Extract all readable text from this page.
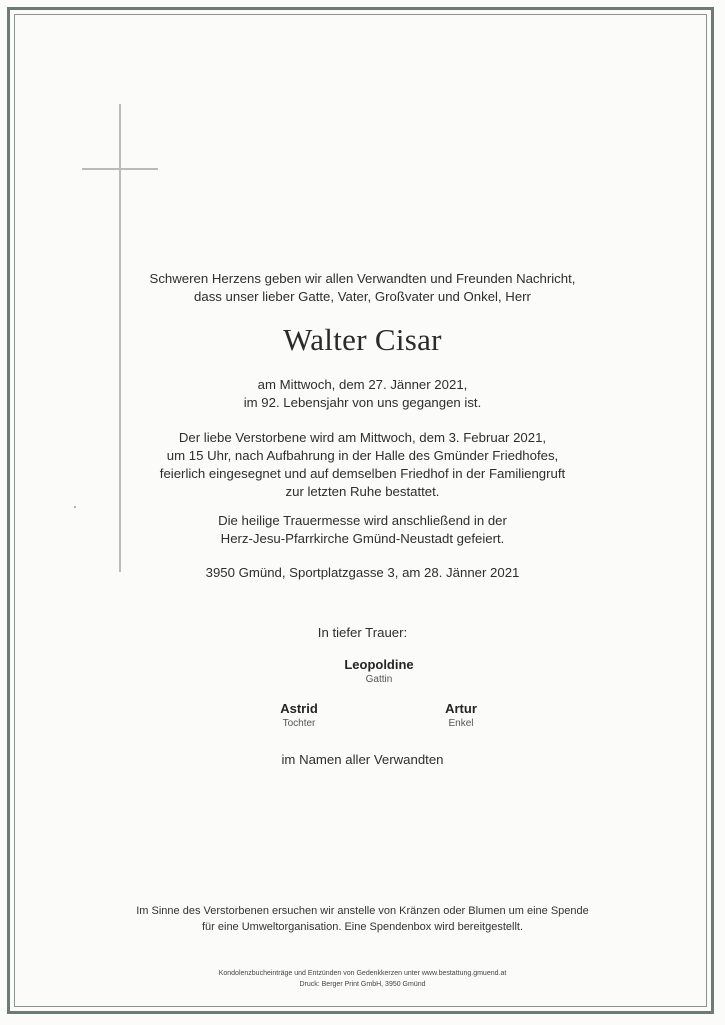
Schweren Herzens geben wir allen Verwandten und Freunden Nachricht,
dass unser lieber Gatte, Vater, Großvater und Onkel, Herr
Walter Cisar
am Mittwoch, dem 27. Jänner 2021,
im 92. Lebensjahr von uns gegangen ist.
Der liebe Verstorbene wird am Mittwoch, dem 3. Februar 2021,
um 15 Uhr, nach Aufbahrung in der Halle des Gmünder Friedhofes,
feierlich eingesegnet und auf demselben Friedhof in der Familiengruft
zur letzten Ruhe bestattet.
Die heilige Trauermesse wird anschließend in der
Herz-Jesu-Pfarrkirche Gmünd-Neustadt gefeiert.
3950 Gmünd, Sportplatzgasse 3, am 28. Jänner 2021
In tiefer Trauer:
Leopoldine
Gattin
Astrid
Tochter
Artur
Enkel
im Namen aller Verwandten
Im Sinne des Verstorbenen ersuchen wir anstelle von Kränzen oder Blumen um eine Spende
für eine Umweltorganisation. Eine Spendenbox wird bereitgestellt.
Kondolenzbucheinträge und Entzünden von Gedenkkerzen unter www.bestattung.gmuend.at
Druck: Berger Print GmbH, 3950 Gmünd
